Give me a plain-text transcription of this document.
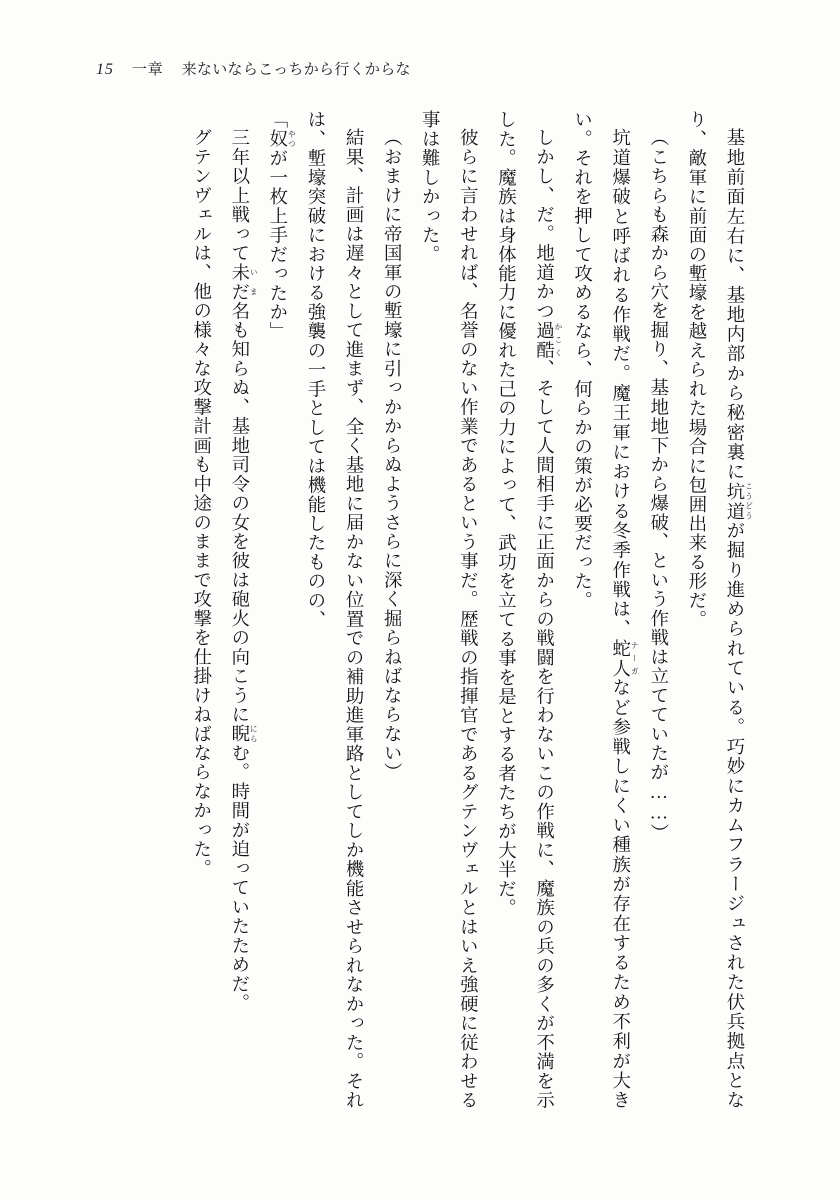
15 一章 来ないならこっちから行くからな

基地前面左右に、基地内部から秘密裏に坑道 こうどうが掘り進められている。巧妙にカムフラージュされた伏兵拠点となり、敵軍に前面の塹壕を越えられた場合に包囲出来る形だ。

（こちらも森から穴を掘り、基地地下から爆破、という作戦は立てていたが……）

坑道爆破と呼ばれる作戦だ。魔王軍における冬季作戦は、蛇人 ナーガなど参戦しにくい種族が存在するため不利が大きい。それを押して攻めるなら、何らかの策が必要だった。

しかし、だ。地道かつ過酷 かこく、そして人間相手に正面からの戦闘を行わないこの作戦に、魔族の兵の多くが不満を示した。魔族は身体能力に優れた己の力によって、武功を立てる事を是とする者たちが大半だ。

彼らに言わせれば、名誉のない作業であるという事だ。歴戦の指揮官であるグテンヴェルとはいえ強硬に従わせる事は難しかった。

（おまけに帝国軍の塹壕に引っかからぬようさらに深く掘らねばならない）

結果、計画は遅々として進まず、全く基地に届かない位置での補助進軍路としてしか機能させられなかった。それは、塹壕突破における強襲の一手としては機能したものの、

「奴 やつが一枚上手だったか」

三年以上戦って未だ いま名も知らぬ、基地司令の女を彼は砲火の向こうに睨 にらむ。時間が迫っていたためだ。

グテンヴェルは、他の様々な攻撃計画も中途のままで攻撃を仕掛けねばならなかった。
